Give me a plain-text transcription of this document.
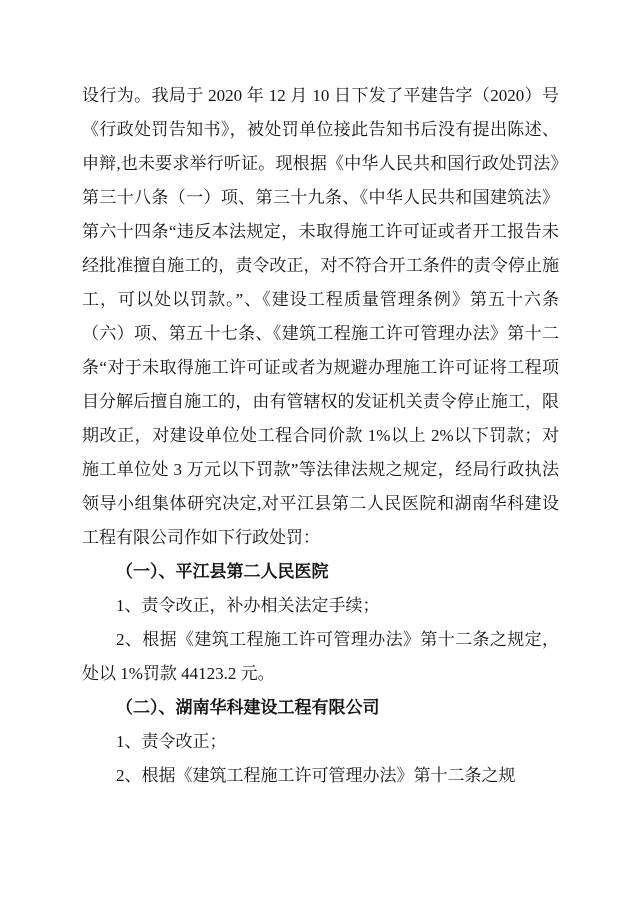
设行为。我局于 2020 年 12 月 10 日下发了平建告字（2020）号《行政处罚告知书》，被处罚单位接此告知书后没有提出陈述、申辩,也未要求举行听证。现根据《中华人民共和国行政处罚法》第三十八条（一）项、第三十九条、《中华人民共和国建筑法》第六十四条“违反本法规定，未取得施工许可证或者开工报告未经批准擅自施工的，责令改正，对不符合开工条件的责令停止施工，可以处以罚款。”、《建设工程质量管理条例》第五十六条（六）项、第五十七条、《建筑工程施工许可管理办法》第十二条“对于未取得施工许可证或者为规避办理施工许可证将工程项目分解后擅自施工的，由有管辖权的发证机关责令停止施工，限期改正，对建设单位处工程合同价款 1%以上 2%以下罚款；对施工单位处 3 万元以下罚款”等法律法规之规定，经局行政执法领导小组集体研究决定,对平江县第二人民医院和湖南华科建设工程有限公司作如下行政处罚：

（一）、平江县第二人民医院

1、责令改正，补办相关法定手续；

2、根据《建筑工程施工许可管理办法》第十二条之规定，处以 1%罚款 44123.2 元。

（二）、湖南华科建设工程有限公司

1、责令改正；

2、根据《建筑工程施工许可管理办法》第十二条之规
